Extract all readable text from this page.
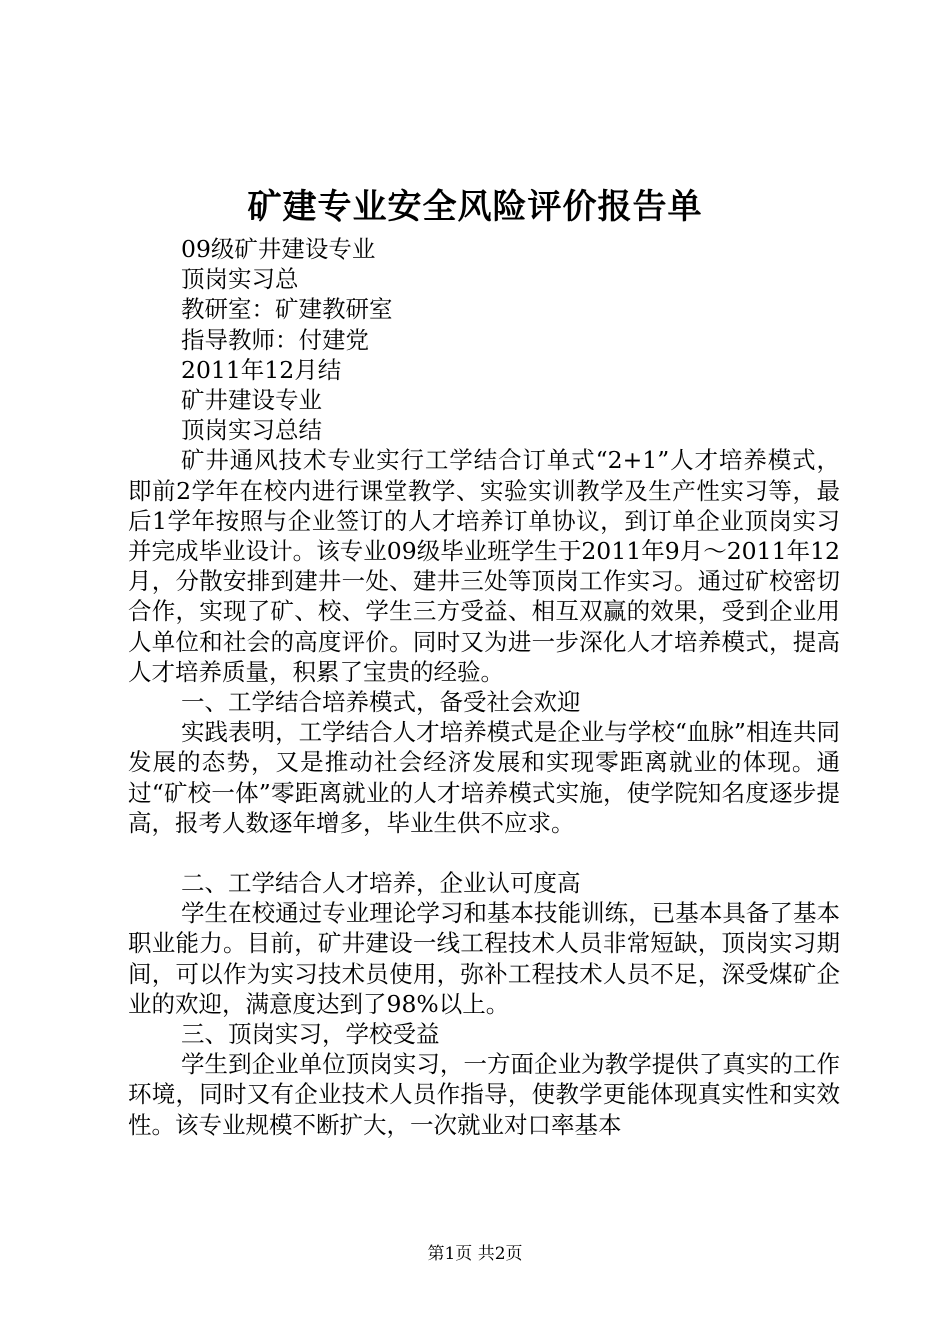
矿建专业安全风险评价报告单
09级矿井建设专业
顶岗实习总
教研室：矿建教研室
指导教师：付建党
2011年12月结
矿井建设专业
顶岗实习总结

矿井通风技术专业实行工学结合订单式“2+1”人才培养模式，即前2学年在校内进行课堂教学、实验实训教学及生产性实习等，最后1学年按照与企业签订的人才培养订单协议，到订单企业顶岗实习并完成毕业设计。该专业09级毕业班学生于2011年9月～2011年12月，分散安排到建井一处、建井三处等顶岗工作实习。通过矿校密切合作，实现了矿、校、学生三方受益、相互双赢的效果，受到企业用人单位和社会的高度评价。同时又为进一步深化人才培养模式，提高人才培养质量，积累了宝贵的经验。

一、工学结合培养模式，备受社会欢迎

实践表明，工学结合人才培养模式是企业与学校“血脉”相连共同发展的态势，又是推动社会经济发展和实现零距离就业的体现。通过“矿校一体”零距离就业的人才培养模式实施，使学院知名度逐步提高，报考人数逐年增多，毕业生供不应求。

二、工学结合人才培养，企业认可度高

学生在校通过专业理论学习和基本技能训练，已基本具备了基本职业能力。目前，矿井建设一线工程技术人员非常短缺，顶岗实习期间，可以作为实习技术员使用，弥补工程技术人员不足，深受煤矿企业的欢迎，满意度达到了98%以上。

三、顶岗实习，学校受益

学生到企业单位顶岗实习，一方面企业为教学提供了真实的工作环境，同时又有企业技术人员作指导，使教学更能体现真实性和实效性。该专业规模不断扩大，一次就业对口率基本

第1页 共2页
